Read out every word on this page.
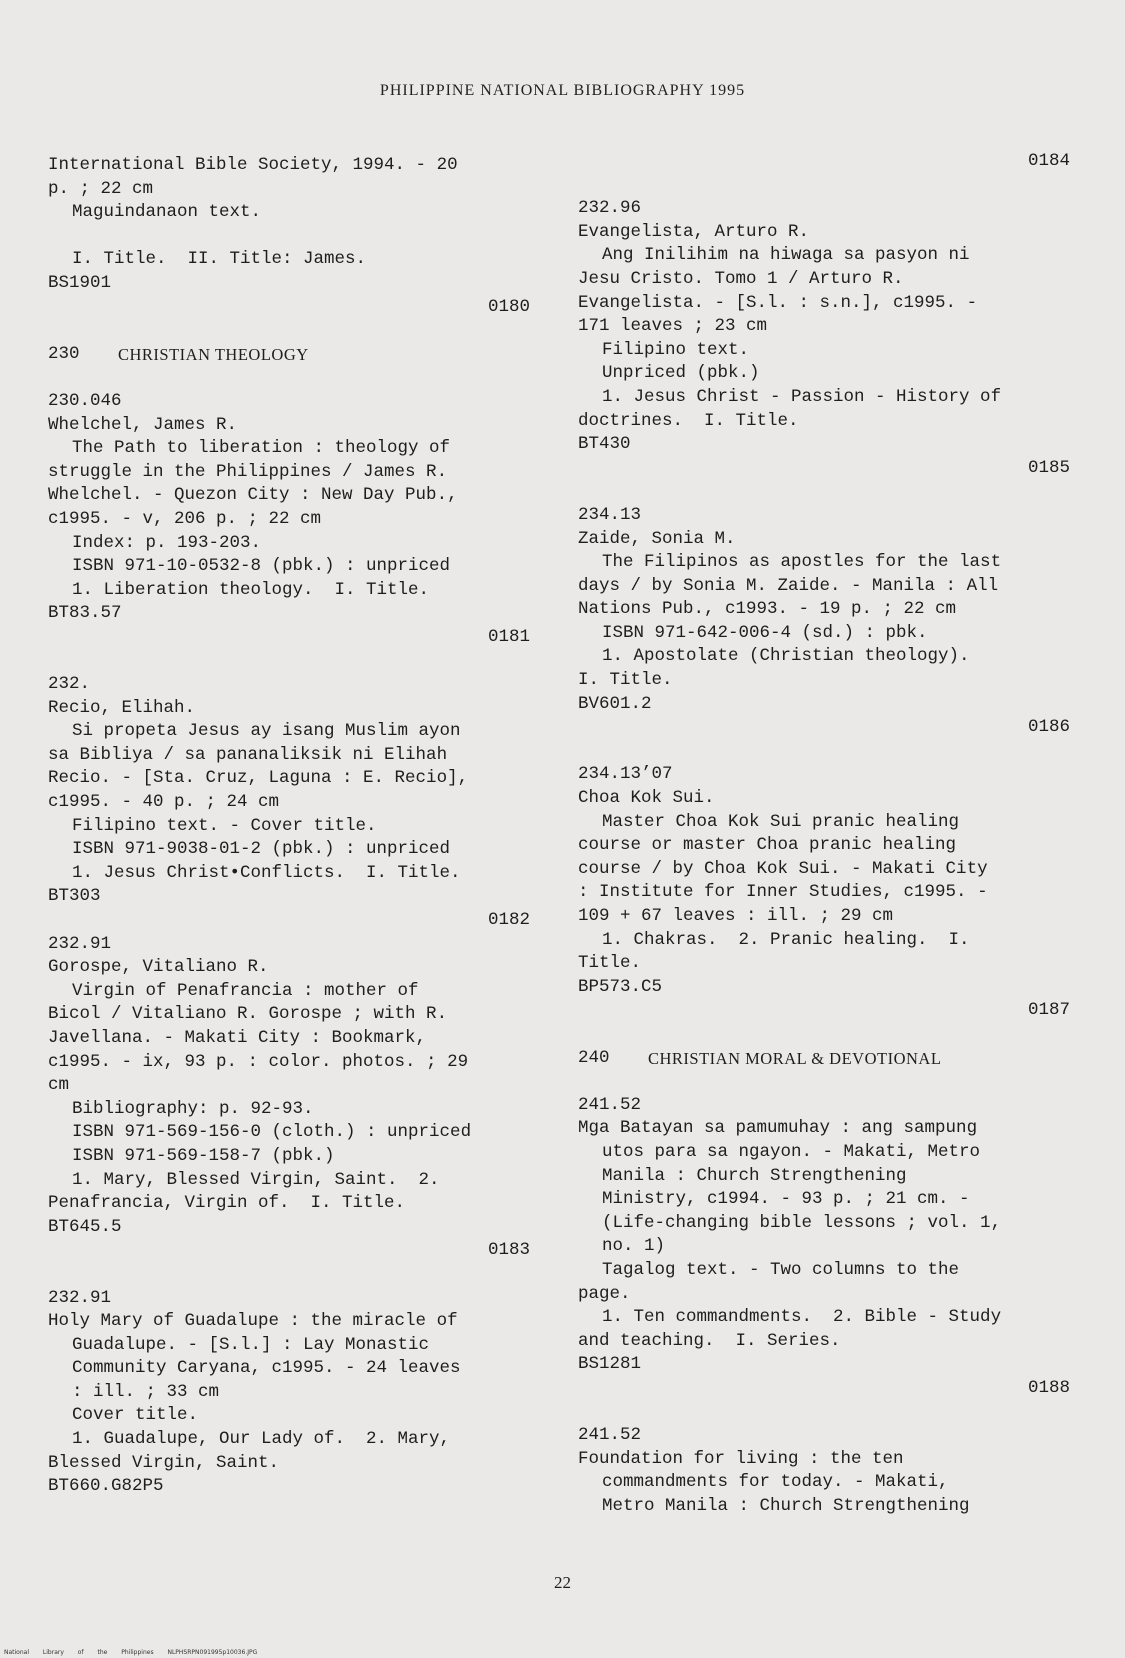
PHILIPPINE NATIONAL BIBLIOGRAPHY 1995
International Bible Society, 1994. - 20
p. ; 22 cm
Maguindanaon text.
I. Title.  II. Title: James.
BS1901
0180
230	CHRISTIAN THEOLOGY
230.046
Whelchel, James R.
The Path to liberation : theology of
struggle in the Philippines / James R.
Whelchel. - Quezon City : New Day Pub.,
c1995. - v, 206 p. ; 22 cm
Index: p. 193-203.
ISBN 971-10-0532-8 (pbk.) : unpriced
1. Liberation theology.  I. Title.
BT83.57
0181
232.
Recio, Elihah.
Si propeta Jesus ay isang Muslim ayon
sa Bibliya / sa pananaliksik ni Elihah
Recio. - [Sta. Cruz, Laguna : E. Recio],
c1995. - 40 p. ; 24 cm
Filipino text. - Cover title.
ISBN 971-9038-01-2 (pbk.) : unpriced
1. Jesus Christ•Conflicts.  I. Title.
BT303
0182
232.91
Gorospe, Vitaliano R.
Virgin of Penafrancia : mother of
Bicol / Vitaliano R. Gorospe ; with R.
Javellana. - Makati City : Bookmark,
c1995. - ix, 93 p. : color. photos. ; 29
cm
Bibliography: p. 92-93.
ISBN 971-569-156-0 (cloth.) : unpriced
ISBN 971-569-158-7 (pbk.)
1. Mary, Blessed Virgin, Saint.  2.
Penafrancia, Virgin of.  I. Title.
BT645.5
0183
232.91
Holy Mary of Guadalupe : the miracle of
Guadalupe. - [S.l.] : Lay Monastic
Community Caryana, c1995. - 24 leaves
: ill. ; 33 cm
Cover title.
1. Guadalupe, Our Lady of.  2. Mary,
Blessed Virgin, Saint.
BT660.G82P5
0184
232.96
Evangelista, Arturo R.
Ang Inilihim na hiwaga sa pasyon ni
Jesu Cristo. Tomo 1 / Arturo R.
Evangelista. - [S.l. : s.n.], c1995. -
171 leaves ; 23 cm
Filipino text.
Unpriced (pbk.)
1. Jesus Christ - Passion - History of
doctrines.  I. Title.
BT430
0185
234.13
Zaide, Sonia M.
The Filipinos as apostles for the last
days / by Sonia M. Zaide. - Manila : All
Nations Pub., c1993. - 19 p. ; 22 cm
ISBN 971-642-006-4 (sd.) : pbk.
1. Apostolate (Christian theology).
I. Title.
BV601.2
0186
234.13’07
Choa Kok Sui.
Master Choa Kok Sui pranic healing
course or master Choa pranic healing
course / by Choa Kok Sui. - Makati City
: Institute for Inner Studies, c1995. -
109 + 67 leaves : ill. ; 29 cm
1. Chakras.  2. Pranic healing.  I.
Title.
BP573.C5
0187
240	CHRISTIAN MORAL & DEVOTIONAL
241.52
Mga Batayan sa pamumuhay : ang sampung
utos para sa ngayon. - Makati, Metro
Manila : Church Strengthening
Ministry, c1994. - 93 p. ; 21 cm. -
(Life-changing bible lessons ; vol. 1,
no. 1)
Tagalog text. - Two columns to the
page.
1. Ten commandments.  2. Bible - Study
and teaching.  I. Series.
BS1281
0188
241.52
Foundation for living : the ten
commandments for today. - Makati,
Metro Manila : Church Strengthening
22
National Library of the Philippines NLPHSRPN091995p10036.JPG
